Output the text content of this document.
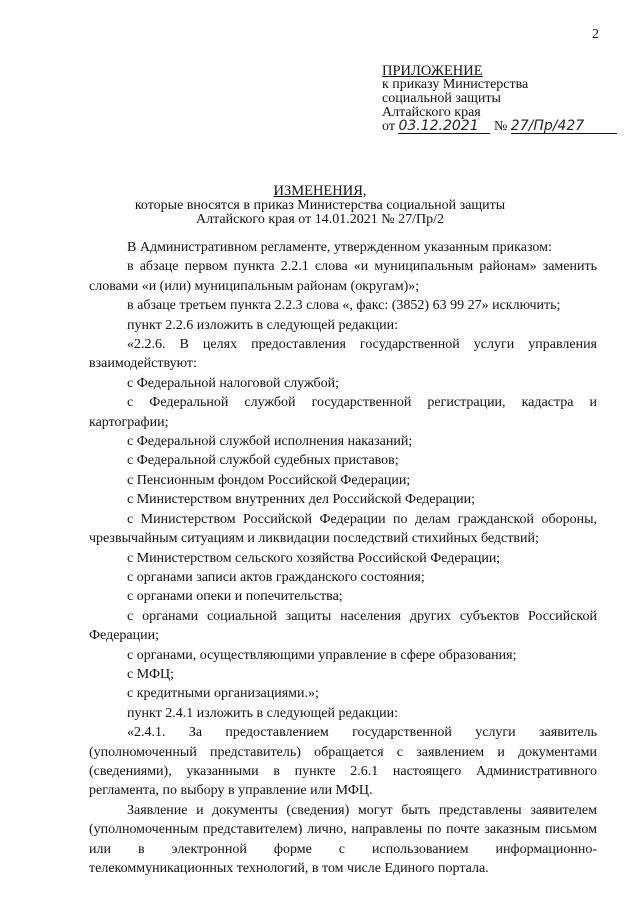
2
ПРИЛОЖЕНИЕ
к приказу Министерства
социальной защиты
Алтайского края
от 03.12.2021 № 27/Пр/427
ИЗМЕНЕНИЯ,
которые вносятся в приказ Министерства социальной защиты
Алтайского края от 14.01.2021 № 27/Пр/2

В Административном регламенте, утвержденном указанным приказом:

в абзаце первом пункта 2.2.1 слова «и муниципальным районам» заменить словами «и (или) муниципальным районам (округам)»;

в абзаце третьем пункта 2.2.3 слова «, факс: (3852) 63 99 27» исключить;

пункт 2.2.6 изложить в следующей редакции:

«2.2.6. В целях предоставления государственной услуги управления взаимодействуют:

с Федеральной налоговой службой;

с Федеральной службой государственной регистрации, кадастра и картографии;

с Федеральной службой исполнения наказаний;

с Федеральной службой судебных приставов;

с Пенсионным фондом Российской Федерации;

с Министерством внутренних дел Российской Федерации;

с Министерством Российской Федерации по делам гражданской обороны, чрезвычайным ситуациям и ликвидации последствий стихийных бедствий;

с Министерством сельского хозяйства Российской Федерации;

с органами записи актов гражданского состояния;

с органами опеки и попечительства;

с органами социальной защиты населения других субъектов Российской Федерации;

с органами, осуществляющими управление в сфере образования;

с МФЦ;

с кредитными организациями.»;

пункт 2.4.1 изложить в следующей редакции:

«2.4.1. За предоставлением государственной услуги заявитель (уполномоченный представитель) обращается с заявлением и документами (сведениями), указанными в пункте 2.6.1 настоящего Административного регламента, по выбору в управление или МФЦ.

Заявление и документы (сведения) могут быть представлены заявителем (уполномоченным представителем) лично, направлены по почте заказным письмом или в электронной форме с использованием информационно-телекоммуникационных технологий, в том числе Единого портала.
